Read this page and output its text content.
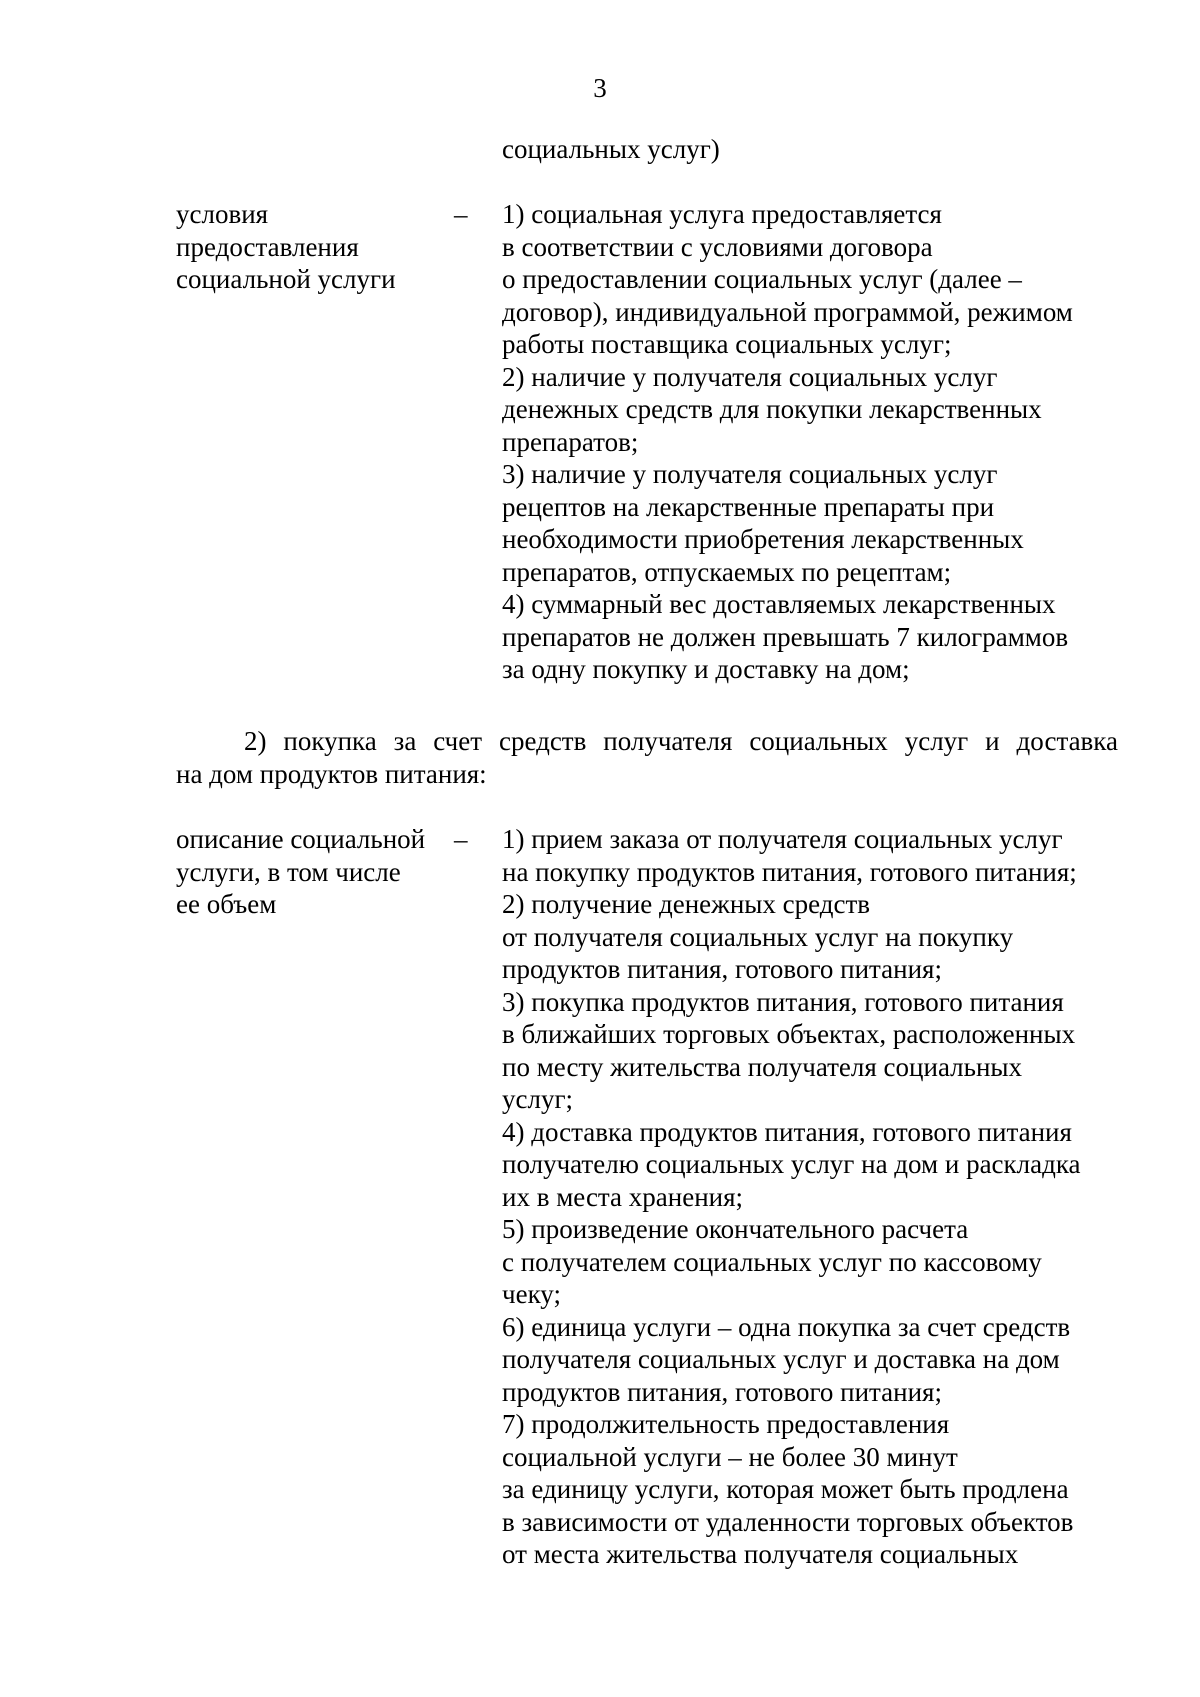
3
социальных услуг)
условия
предоставления
социальной услуги
– 1) социальная услуга предоставляется
в соответствии с условиями договора
о предоставлении социальных услуг (далее –
договор), индивидуальной программой, режимом
работы поставщика социальных услуг;
2) наличие у получателя социальных услуг
денежных средств для покупки лекарственных
препаратов;
3) наличие у получателя социальных услуг
рецептов на лекарственные препараты при
необходимости приобретения лекарственных
препаратов, отпускаемых по рецептам;
4) суммарный вес доставляемых лекарственных
препаратов не должен превышать 7 килограммов
за одну покупку и доставку на дом;
2) покупка за счет средств получателя социальных услуг и доставка
на дом продуктов питания:
описание социальной
услуги, в том числе
ее объем
– 1) прием заказа от получателя социальных услуг
на покупку продуктов питания, готового питания;
2) получение денежных средств
от получателя социальных услуг на покупку
продуктов питания, готового питания;
3) покупка продуктов питания, готового питания
в ближайших торговых объектах, расположенных
по месту жительства получателя социальных
услуг;
4) доставка продуктов питания, готового питания
получателю социальных услуг на дом и раскладка
их в места хранения;
5) произведение окончательного расчета
с получателем социальных услуг по кассовому
чеку;
6) единица услуги – одна покупка за счет средств
получателя социальных услуг и доставка на дом
продуктов питания, готового питания;
7) продолжительность предоставления
социальной услуги – не более 30 минут
за единицу услуги, которая может быть продлена
в зависимости от удаленности торговых объектов
от места жительства получателя социальных
